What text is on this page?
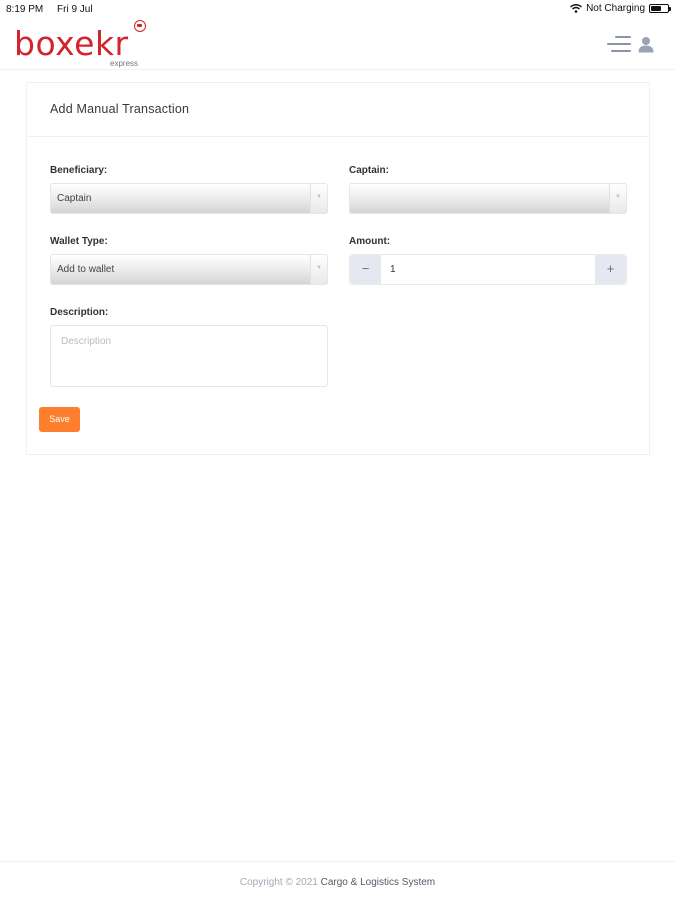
8:19 PM Fri 9 Jul	Not Charging
boxekr
express
Add Manual Transaction
Beneficiary:
Captain	▼
Captain:
▼
Wallet Type:
Add to wallet	▼
Amount:
−	1	+
Description:
Description
Save
Copyright © 2021 Cargo & Logistics System
